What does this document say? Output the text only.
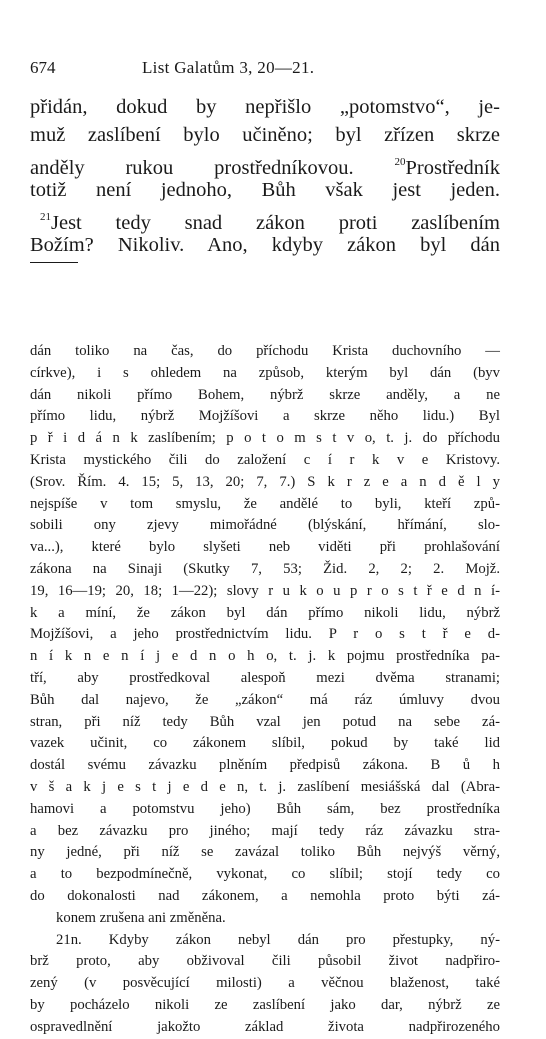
674	List Galatům 3, 20—21.
přidán, dokud by nepřišlo „potomstvo“, je-
muž zaslíbení bylo učiněno; byl zřízen skrze
anděly rukou prostředníkovou.	$^{20}$Prostředník
totiž není jednoho, Bůh však jest jeden.
$^{21}$Jest tedy snad zákon proti zaslíbením
Božím? Nikoliv. Ano, kdyby zákon byl dán
dán toliko na čas, do příchodu Krista duchovního —
církve), i s ohledem na způsob, kterým byl dán (byv
dán nikoli přímo Bohem, nýbrž skrze anděly, a ne
přímo lidu, nýbrž Mojžíšovi a skrze něho lidu.) Byl
p ř i d á n k zaslíbením; p o t o m s t v o, t. j. do příchodu
Krista mystického čili do založení c í r k v e Kristovy.
(Srov. Řím. 4. 15; 5, 13, 20; 7, 7.) S k r z e a n d ě l y
nejspíše v tom smyslu, že andělé to byli, kteří způ-
sobili ony zjevy mimořádné (blýskání, hřímání, slo-
va...), které bylo slyšeti neb viděti při prohlašování
zákona na Sinaji (Skutky 7, 53; Žid. 2, 2; 2. Mojž.
19, 16—19; 20, 18; 1—22); slovy r u k o u p r o s t ř e d n í-
k a míní, že zákon byl dán přímo nikoli lidu, nýbrž
Mojžíšovi, a jeho prostřednictvím lidu. P r o s t ř e d-
n í k n e n í j e d n o h o, t. j. k pojmu prostředníka pa-
tří, aby prostředkoval alespoň mezi dvěma stranami;
Bůh dal najevo, že „zákon“ má ráz úmluvy dvou
stran, při níž tedy Bůh vzal jen potud na sebe zá-
vazek učinit, co zákonem slíbil, pokud by také lid
dostál svému závazku plněním předpisů zákona. B ů h
v š a k j e s t j e d e n, t. j. zaslíbení mesiášská dal (Abra-
hamovi a potomstvu jeho) Bůh sám, bez prostředníka
a bez závazku pro jiného; mají tedy ráz závazku stra-
ny jedné, při níž se zavázal toliko Bůh nejvýš věrný,
a to bezpodmínečně, vykonat, co slíbil; stojí tedy co
do dokonalosti nad zákonem, a nemohla proto býti zá-
konem zrušena ani změněna.
21n. Kdyby zákon nebyl dán pro přestupky, ný-
brž proto, aby obživoval čili působil život nadpřiro-
zený (v posvěcující milosti) a věčnou blaženost, také
by pocházelo nikoli ze zaslíbení jako dar, nýbrž ze
ospravedlnění jakožto základ života nadpřirozeného
